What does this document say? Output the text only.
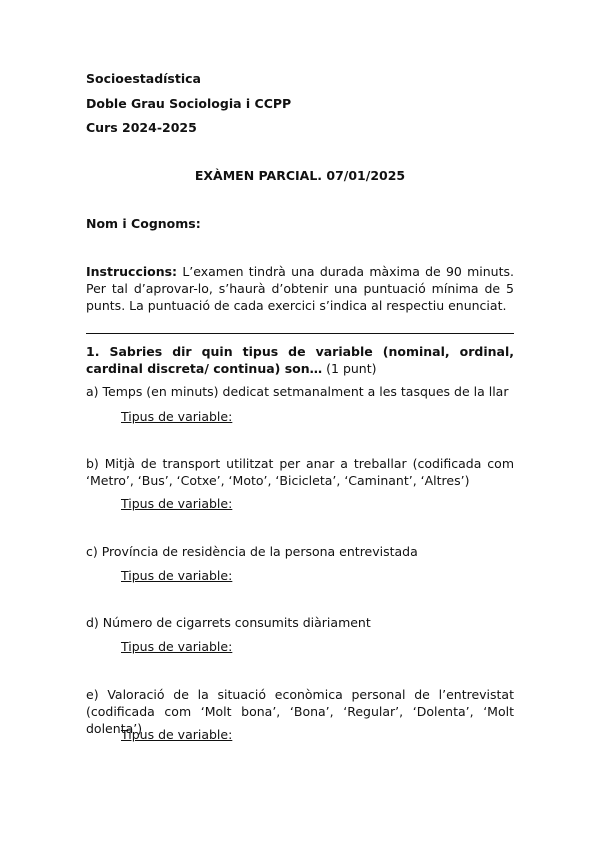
Socioestadística
Doble Grau Sociologia i CCPP
Curs 2024-2025
EXÀMEN PARCIAL. 07/01/2025
Nom i Cognoms:
Instruccions: L’examen tindrà una durada màxima de 90 minuts. Per tal d’aprovar-lo, s’haurà d’obtenir una puntuació mínima de 5 punts. La puntuació de cada exercici s’indica al respectiu enunciat.
1. Sabries dir quin tipus de variable (nominal, ordinal, cardinal discreta/ continua) son… (1 punt)
a) Temps (en minuts) dedicat setmanalment a les tasques de la llar
Tipus de variable:
b) Mitjà de transport utilitzat per anar a treballar (codificada com ‘Metro’, ‘Bus’, ‘Cotxe’, ‘Moto’, ‘Bicicleta’, ‘Caminant’, ‘Altres’)
Tipus de variable:
c) Província de residència de la persona entrevistada
Tipus de variable:
d) Número de cigarrets consumits diàriament
Tipus de variable:
e) Valoració de la situació econòmica personal de l’entrevistat (codificada com ‘Molt bona’, ‘Bona’, ‘Regular’, ‘Dolenta’, ‘Molt dolenta’)
Tipus de variable:
